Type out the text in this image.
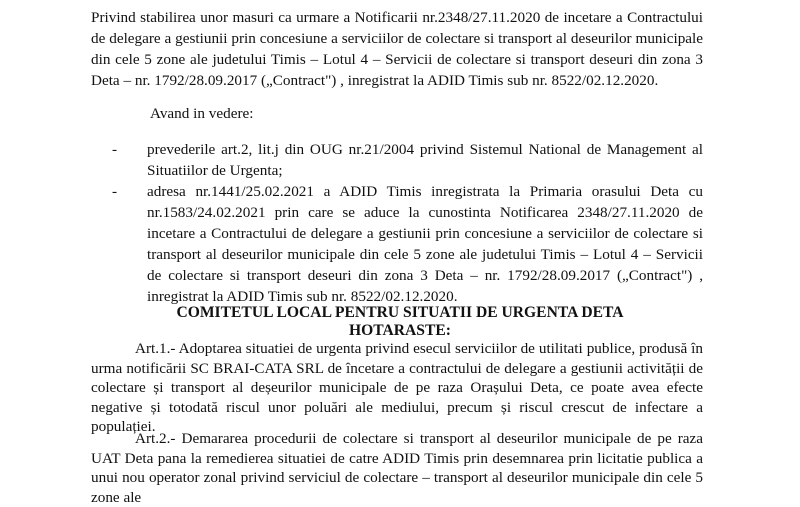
Privind stabilirea unor masuri ca urmare a Notificarii nr.2348/27.11.2020 de incetare a Contractului de delegare a gestiunii prin concesiune a serviciilor de colectare si transport al deseurilor municipale din cele 5 zone ale judetului Timis – Lotul 4 – Servicii de colectare si transport deseuri din zona 3 Deta – nr. 1792/28.09.2017 („Contract") , inregistrat la ADID Timis sub nr. 8522/02.12.2020.

Avand in vedere:

- prevederile art.2, lit.j din OUG nr.21/2004 privind Sistemul National de Management al Situatiilor de Urgenta;
- adresa nr.1441/25.02.2021 a ADID Timis inregistrata la Primaria orasului Deta cu nr.1583/24.02.2021 prin care se aduce la cunostinta Notificarea 2348/27.11.2020 de incetare a Contractului de delegare a gestiunii prin concesiune a serviciilor de colectare si transport al deseurilor municipale din cele 5 zone ale judetului Timis – Lotul 4 – Servicii de colectare si transport deseuri din zona 3 Deta – nr. 1792/28.09.2017 („Contract") , inregistrat la ADID Timis sub nr. 8522/02.12.2020.
COMITETUL LOCAL PENTRU SITUATII DE URGENTA DETA
HOTARASTE:

Art.1.- Adoptarea situatiei de urgenta privind esecul serviciilor de utilitati publice, produsă în urma notificării SC BRAI-CATA SRL de încetare a contractului de delegare a gestiunii activității de colectare și transport al deșeurilor municipale de pe raza Orașului Deta, ce poate avea efecte negative și totodată riscul unor poluări ale mediului, precum și riscul crescut de infectare a populației.

Art.2.- Demararea procedurii de colectare si transport al deseurilor municipale de pe raza UAT Deta pana la remedierea situatiei de catre ADID Timis prin desemnarea prin licitatie publica a unui nou operator zonal privind serviciul de colectare – transport al deseurilor municipale din cele 5 zone ale
